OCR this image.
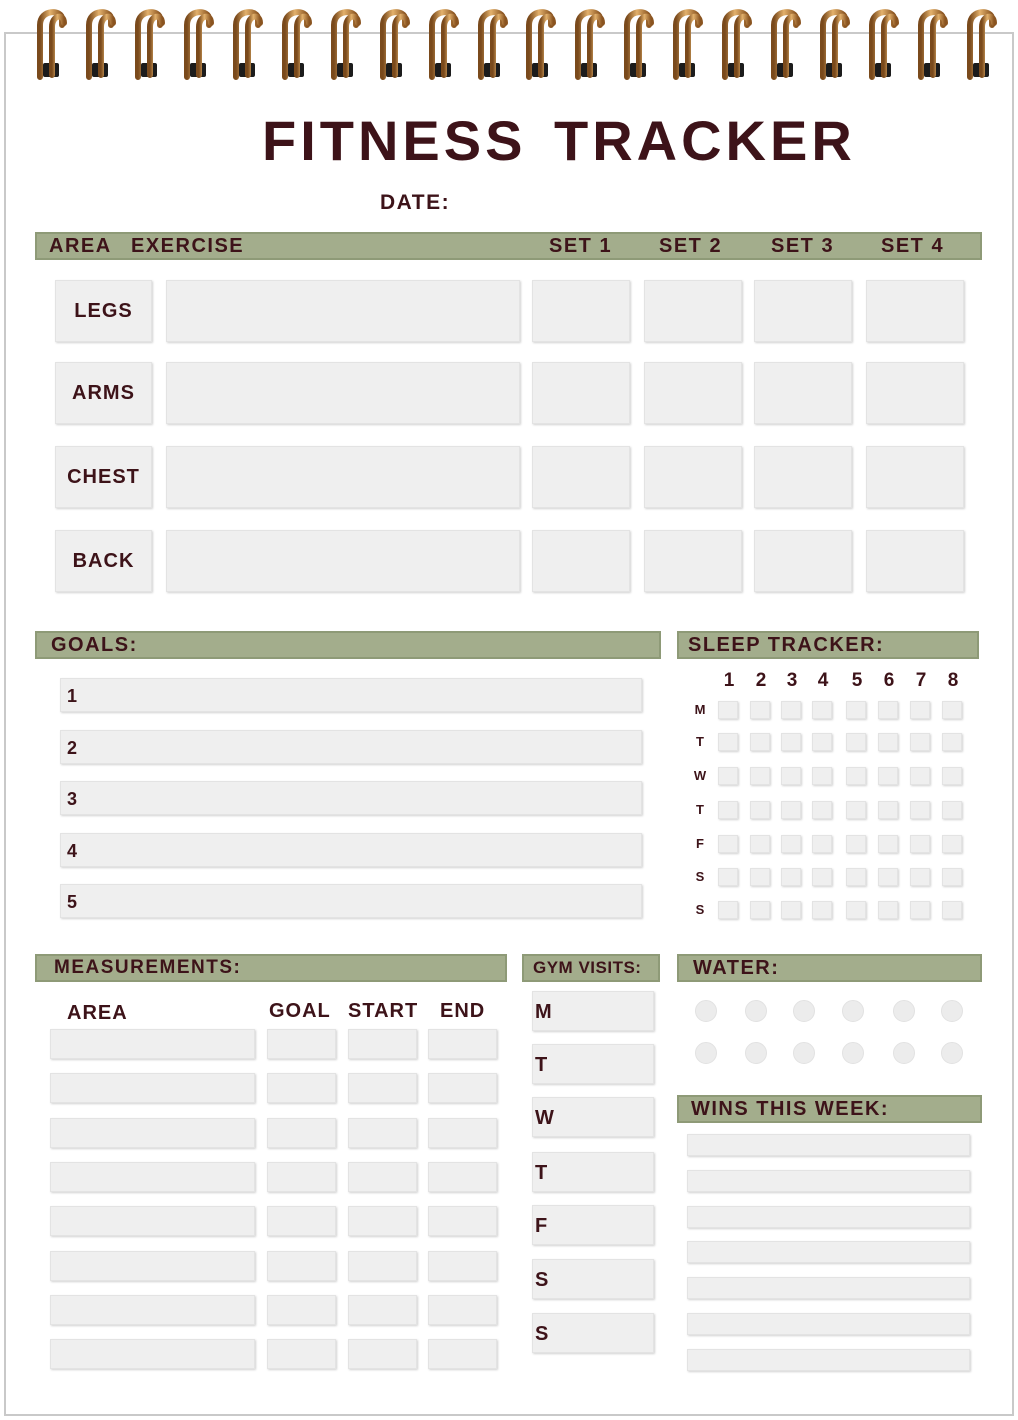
FITNESS TRACKER
DATE:
AREA EXERCISE	SET 1 SET 2 SET 3 SET 4
LEGS
ARMS
CHEST
BACK
GOALS:
1
2
3
4
5
SLEEP TRACKER:
1 2 3 4 5 6 7 8
M
T
W
T
F
S
S
MEASUREMENTS:
AREA	GOAL START END
GYM VISITS:
M
T
W
T
F
S
S
WATER:
WINS THIS WEEK:
